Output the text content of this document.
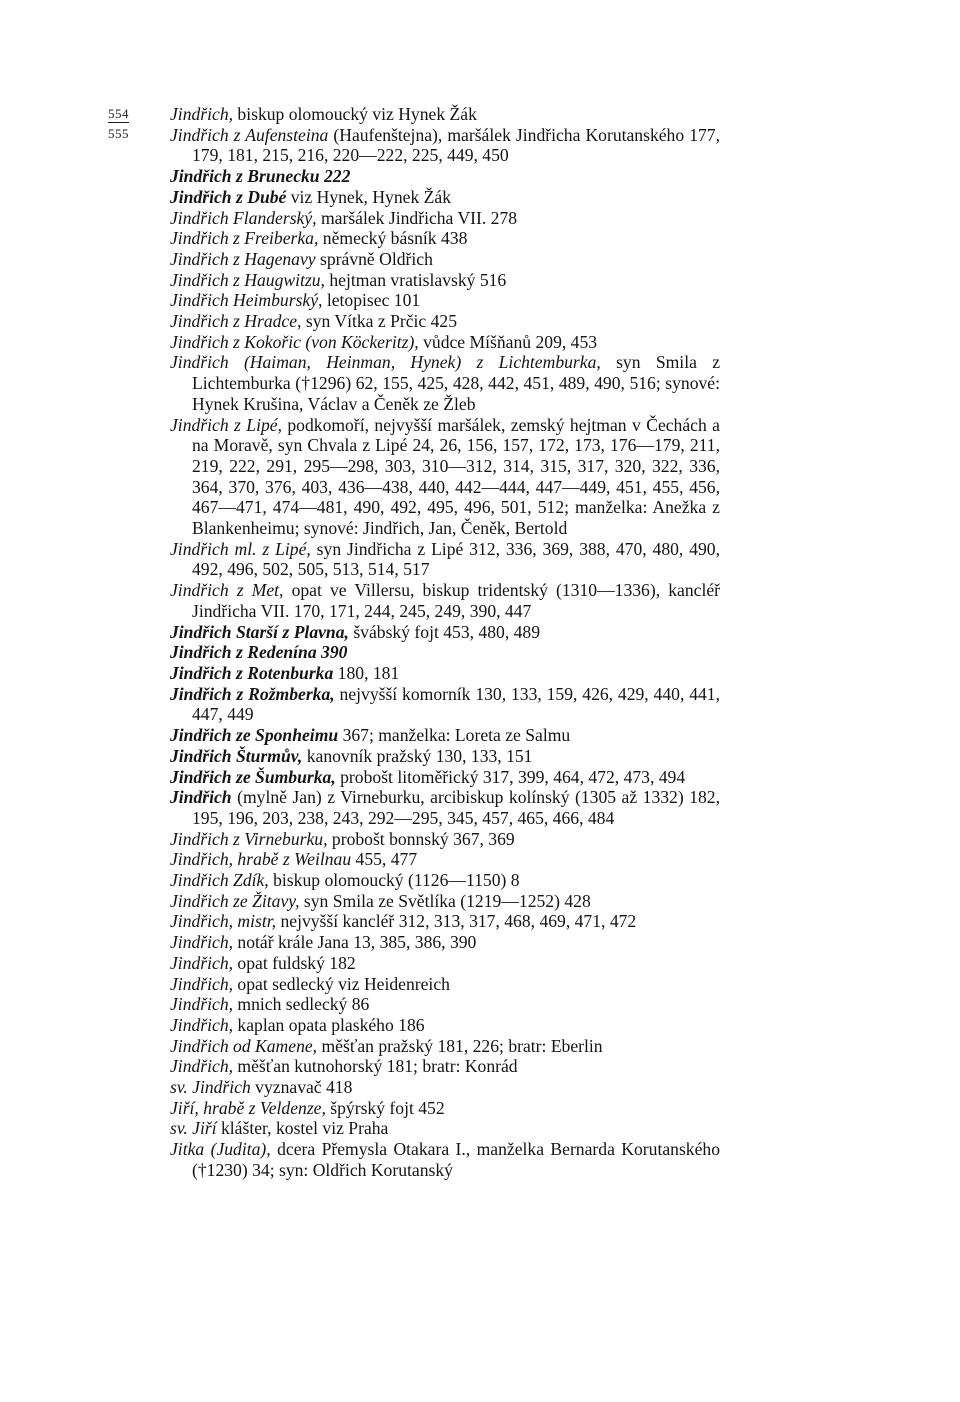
554
555
Jindřich, biskup olomoucký viz Hynek Žák
Jindřich z Aufensteina (Haufenštejna), maršálek Jindřicha Korutanského 177, 179, 181, 215, 216, 220—222, 225, 449, 450
Jindřich z Brunecku 222
Jindřich z Dubé viz Hynek, Hynek Žák
Jindřich Flanderský, maršálek Jindřicha VII. 278
Jindřich z Freiberka, německý básník 438
Jindřich z Hagenavy správně Oldřich
Jindřich z Haugwitzu, hejtman vratislavský 516
Jindřich Heimburský, letopisec 101
Jindřich z Hradce, syn Vítka z Prčic 425
Jindřich z Kokořic (von Köckeritz), vůdce Míšňanů 209, 453
Jindřich (Haiman, Heinman, Hynek) z Lichtemburka, syn Smila z Lichtemburka (†1296) 62, 155, 425, 428, 442, 451, 489, 490, 516; synové: Hynek Krušina, Václav a Čeněk ze Žleb
Jindřich z Lipé, podkomoří, nejvyšší maršálek, zemský hejtman v Čechách a na Moravě, syn Chvala z Lipé 24, 26, 156, 157, 172, 173, 176—179, 211, 219, 222, 291, 295—298, 303, 310—312, 314, 315, 317, 320, 322, 336, 364, 370, 376, 403, 436—438, 440, 442—444, 447—449, 451, 455, 456, 467—471, 474—481, 490, 492, 495, 496, 501, 512; manželka: Anežka z Blankenheimu; synové: Jindřich, Jan, Čeněk, Bertold
Jindřich ml. z Lipé, syn Jindřicha z Lipé 312, 336, 369, 388, 470, 480, 490, 492, 496, 502, 505, 513, 514, 517
Jindřich z Met, opat ve Villersu, biskup tridentský (1310—1336), kancléř Jindřicha VII. 170, 171, 244, 245, 249, 390, 447
Jindřich Starší z Plavna, švábský fojt 453, 480, 489
Jindřich z Redenína 390
Jindřich z Rotenburka 180, 181
Jindřich z Rožmberka, nejvyšší komorník 130, 133, 159, 426, 429, 440, 441, 447, 449
Jindřich ze Sponheimu 367; manželka: Loreta ze Salmu
Jindřich Šturmův, kanovník pražský 130, 133, 151
Jindřich ze Šumburka, probošt litoměřický 317, 399, 464, 472, 473, 494
Jindřich (mylně Jan) z Virneburku, arcibiskup kolínský (1305 až 1332) 182, 195, 196, 203, 238, 243, 292—295, 345, 457, 465, 466, 484
Jindřich z Virneburku, probošt bonnský 367, 369
Jindřich, hrabě z Weilnau 455, 477
Jindřich Zdík, biskup olomoucký (1126—1150) 8
Jindřich ze Žitavy, syn Smila ze Světlíka (1219—1252) 428
Jindřich, mistr, nejvyšší kancléř 312, 313, 317, 468, 469, 471, 472
Jindřich, notář krále Jana 13, 385, 386, 390
Jindřich, opat fuldský 182
Jindřich, opat sedlecký viz Heidenreich
Jindřich, mnich sedlecký 86
Jindřich, kaplan opata plaského 186
Jindřich od Kamene, měšťan pražský 181, 226; bratr: Eberlin
Jindřich, měšťan kutnohorský 181; bratr: Konrád
sv. Jindřich vyznavač 418
Jiří, hrabě z Veldenze, špýrský fojt 452
sv. Jiří klášter, kostel viz Praha
Jitka (Judita), dcera Přemysla Otakara I., manželka Bernarda Korutanského (†1230) 34; syn: Oldřich Korutanský
